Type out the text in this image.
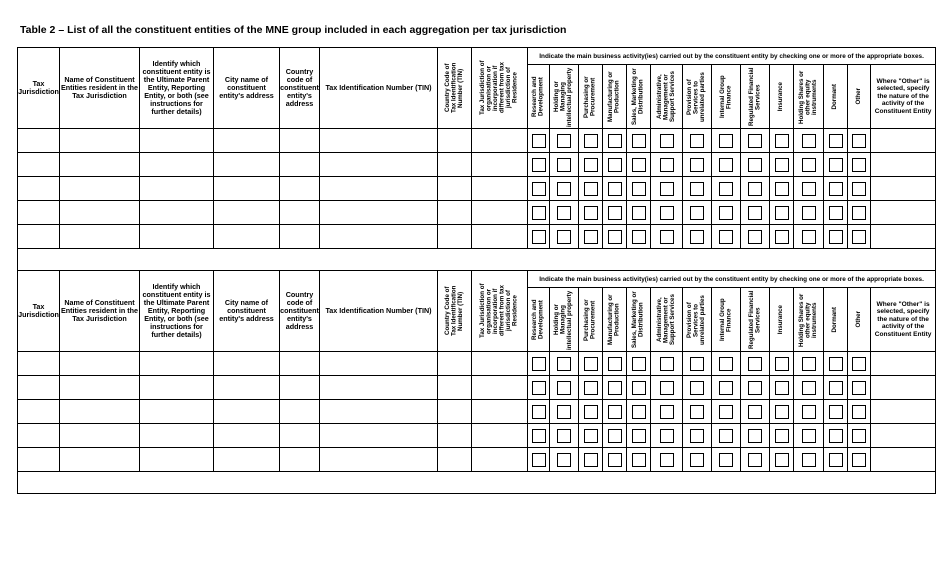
Table 2 – List of all the constituent entities of the MNE group included in each aggregation per tax jurisdiction
Tax Jurisdiction	Name of Constituent Entities resident in the Tax Jurisdiction	Identify which constituent entity is the Ultimate Parent Entity, Reporting Entity, or both (see instructions for further details)	City name of constituent entity's address	Country code of constituent entity's address	Tax Identification Number (TIN)	Country Code of Tax Identification Number (TIN)	Tax Jurisdiction of organisation or incorporation if different from tax jurisdiction of Residence	Indicate the main business activity(ies) carried out by the constituent entity by checking one or more of the appropriate boxes.													

								Research and Development	Holding or Managing intellectual property	Purchasing or Procurement	Manufacturing or Production	Sales, Marketing or Distribution	Administrative, Management or Support Services	Provision of Services to unrelated parties	Internal Group Finance	Regulated Financial Services	Insurance	Holding Shares or other equity instruments	Dormant	Other	Where "Other" is selected, specify the nature of the activity of the Constituent Entity

Tax Jurisdiction	Name of Constituent Entities resident in the Tax Jurisdiction	Identify which constituent entity is the Ultimate Parent Entity, Reporting Entity, or both (see instructions for further details)	City name of constituent entity's address	Country code of constituent entity's address	Tax Identification Number (TIN)	Country Code of Tax Identification Number (TIN)	Tax Jurisdiction of organisation or incorporation if different from tax jurisdiction of Residence	Indicate the main business activity(ies) carried out by the constituent entity by checking one or more of the appropriate boxes.													

								Research and Development	Holding or Managing intellectual property	Purchasing or Procurement	Manufacturing or Production	Sales, Marketing or Distribution	Administrative, Management or Support Services	Provision of Services to unrelated parties	Internal Group Finance	Regulated Financial Services	Insurance	Holding Shares or other equity instruments	Dormant	Other	Where "Other" is selected, specify the nature of the activity of the Constituent Entity
